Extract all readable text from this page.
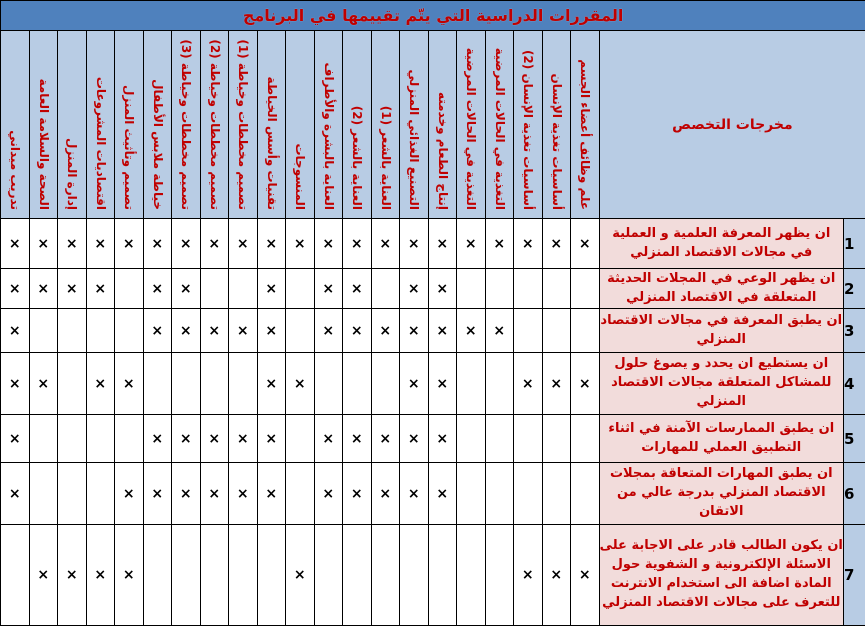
المقررات الدراسية التي يتّم تقييمها في البرنامج																						

تدريب ميداني	الصحة والسلامة العامة	إدارة المنزل	اقتصاديات المشروعات	تصميم وتأثيث المنزل	خياطة ملابس الأطفال	تصميم مخططات وخياطة (3)	تصميم مخططات وخياطة (2)	تصميم مخططات وخياطة (1)	تقنيات وأسس الخياطة	المنسوجات	العناية بالبشرة والأطراف	العناية بالشعر (2)	العناية بالشعر (1)	التصنيع الغذائي المنزلي	إنتاج الطعام وخدمته	التغذية في الحالات المرضية	التغذية في الحالات المرضية	أساسيات تغذية الإنسان (2)	أساسيات تغذية الإنسان	علم وظائف أعضاء الجسم	مخرجات التخصص	
×	×	×	×	×	×	×	×	×	×	×	×	×	×	×	×	×	×	×	×	×	ان يظهر المعرفة العلمية و العملية في مجالات الاقتصاد المنزلي	1
×	×	×	×		×	×			×		×	×		×	×						ان يظهر الوعي في المجلات الحديثة المتعلقة في الاقتصاد المنزلي	2
×					×	×	×	×	×		×	×	×	×	×	×	×				ان يطبق المعرفة في مجالات الاقتصاد المنزلي	3
×	×		×	×					×	×				×	×			×	×	×	ان يستطيع ان يحدد و يصوغ حلول للمشاكل المتعلقة مجالات الاقتصاد المنزلي	4
×					×	×	×	×	×		×	×	×	×	×						ان يطبق الممارسات الآمنة في اثناء التطبيق العملي للمهارات	5
×				×	×	×	×	×	×		×	×	×	×	×						ان يطبق المهارات المتعاقة بمجلات الاقتصاد المنزلي بدرجة عالي من الاتقان	6
	×	×	×	×						×								×	×	×	ان يكون الطالب قادر على الاجابة على الاسئلة الإلكترونية و الشفوية حول المادة اضافة الى استخدام الانترنت للتعرف على مجالات الاقتصاد المنزلي	7
